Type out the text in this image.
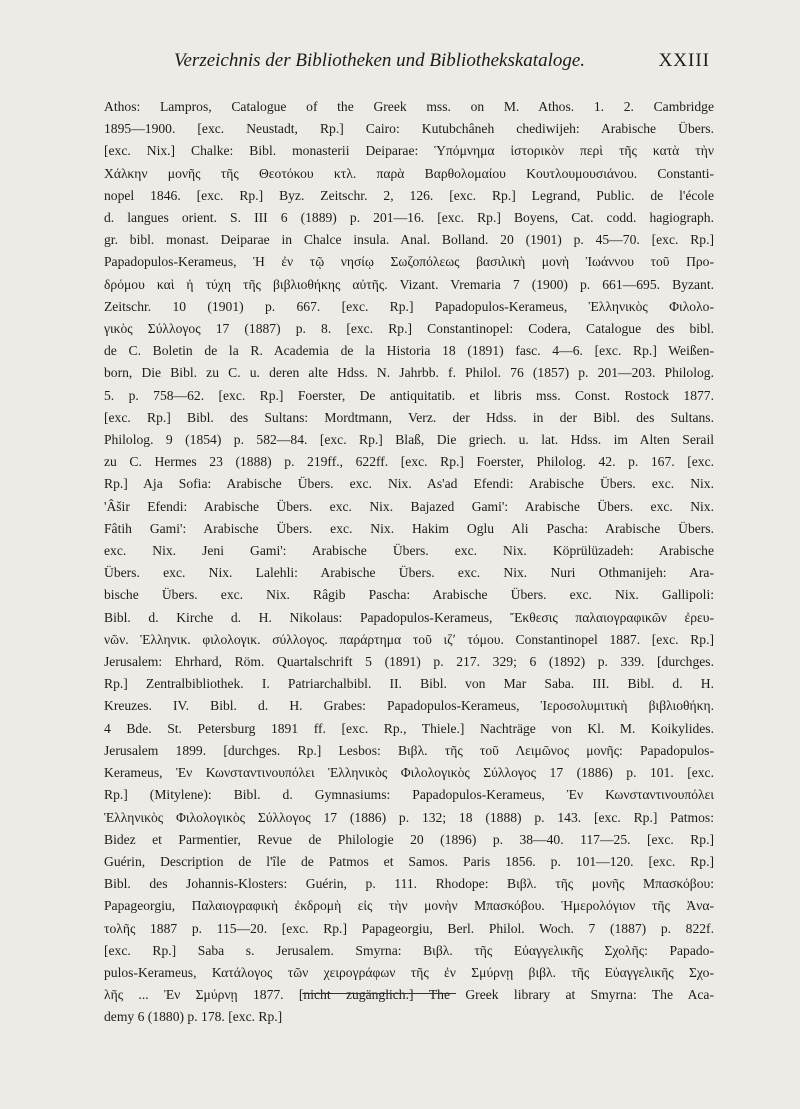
Verzeichnis der Bibliotheken und Bibliothekskataloge.	XXIII
Athos: Lampros, Catalogue of the Greek mss. on M. Athos. 1. 2. Cambridge
1895—1900. [exc. Neustadt, Rp.] Cairo: Kutubchâneh chediwijeh: Arabische Übers.
[exc. Nix.] Chalke: Bibl. monasterii Deiparae: Ὑπόμνημα ἱστορικὸν περὶ τῆς κατὰ τὴν
Χάλκην μονῆς τῆς Θεοτόκου κτλ. παρὰ Βαρθολομαίου Κουτλουμουσιάνου. Constanti-
nopel 1846. [exc. Rp.] Byz. Zeitschr. 2, 126. [exc. Rp.] Legrand, Public. de l'école
d. langues orient. S. III 6 (1889) p. 201—16. [exc. Rp.] Boyens, Cat. codd. hagiograph.
gr. bibl. monast. Deiparae in Chalce insula. Anal. Bolland. 20 (1901) p. 45—70. [exc. Rp.]
Papadopulos-Kerameus, Ἡ ἐν τῷ νησίῳ Σωζοπόλεως βασιλικὴ μονὴ Ἰωάννου τοῦ Προ-
δρόμου καὶ ἡ τύχη τῆς βιβλιοθήκης αὐτῆς. Vizant. Vremaria 7 (1900) p. 661—695. Byzant.
Zeitschr. 10 (1901) p. 667. [exc. Rp.] Papadopulos-Kerameus, Ἑλληνικὸς Φιλολο-
γικὸς Σύλλογος 17 (1887) p. 8. [exc. Rp.] Constantinopel: Codera, Catalogue des bibl.
de C. Boletin de la R. Academia de la Historia 18 (1891) fasc. 4—6. [exc. Rp.] Weißen-
born, Die Bibl. zu C. u. deren alte Hdss. N. Jahrbb. f. Philol. 76 (1857) p. 201—203. Philolog.
5. p. 758—62. [exc. Rp.] Foerster, De antiquitatib. et libris mss. Const. Rostock 1877.
[exc. Rp.] Bibl. des Sultans: Mordtmann, Verz. der Hdss. in der Bibl. des Sultans.
Philolog. 9 (1854) p. 582—84. [exc. Rp.] Blaß, Die griech. u. lat. Hdss. im Alten Serail
zu C. Hermes 23 (1888) p. 219ff., 622ff. [exc. Rp.] Foerster, Philolog. 42. p. 167. [exc.
Rp.] Aja Sofia: Arabische Übers. exc. Nix. As'ad Efendi: Arabische Übers. exc. Nix.
'Âšir Efendi: Arabische Übers. exc. Nix. Bajazed Gami': Arabische Übers. exc. Nix.
Fâtih Gami': Arabische Übers. exc. Nix. Hakim Oglu Ali Pascha: Arabische Übers.
exc. Nix. Jeni Gami': Arabische Übers. exc. Nix. Köprülüzadeh: Arabische
Übers. exc. Nix. Lalehli: Arabische Übers. exc. Nix. Nuri Othmanijeh: Ara-
bische Übers. exc. Nix. Râgib Pascha: Arabische Übers. exc. Nix. Gallipoli:
Bibl. d. Kirche d. H. Nikolaus: Papadopulos-Kerameus, Ἔκθεσις παλαιογραφικῶν ἐρευ-
νῶν. Ἑλληνικ. φιλολογικ. σύλλογος. παράρτημα τοῦ ιζʹ τόμου. Constantinopel 1887. [exc. Rp.]
Jerusalem: Ehrhard, Röm. Quartalschrift 5 (1891) p. 217. 329; 6 (1892) p. 339. [durchges.
Rp.] Zentralbibliothek. I. Patriarchalbibl. II. Bibl. von Mar Saba. III. Bibl. d. H.
Kreuzes. IV. Bibl. d. H. Grabes: Papadopulos-Kerameus, Ἱεροσολυμιτικὴ βιβλιοθήκη.
4 Bde. St. Petersburg 1891 ff. [exc. Rp., Thiele.] Nachträge von Kl. M. Koikylides.
Jerusalem 1899. [durchges. Rp.] Lesbos: Βιβλ. τῆς τοῦ Λειμῶνος μονῆς: Papadopulos-
Kerameus, Ἐν Κωνσταντινουπόλει Ἑλληνικὸς Φιλολογικὸς Σύλλογος 17 (1886) p. 101. [exc.
Rp.] (Mitylene): Bibl. d. Gymnasiums: Papadopulos-Kerameus, Ἐν Κωνσταντινουπόλει
Ἑλληνικὸς Φιλολογικὸς Σύλλογος 17 (1886) p. 132; 18 (1888) p. 143. [exc. Rp.] Patmos:
Bidez et Parmentier, Revue de Philologie 20 (1896) p. 38—40. 117—25. [exc. Rp.]
Guérin, Description de l'île de Patmos et Samos. Paris 1856. p. 101—120. [exc. Rp.]
Bibl. des Johannis-Klosters: Guérin, p. 111. Rhodope: Βιβλ. τῆς μονῆς Μπασκόβου:
Papageorgiu, Παλαιογραφικὴ ἐκδρομὴ εἰς τὴν μονὴν Μπασκόβου. Ἡμερολόγιον τῆς Ἀνα-
τολῆς 1887 p. 115—20. [exc. Rp.] Papageorgiu, Berl. Philol. Woch. 7 (1887) p. 822f.
[exc. Rp.] Saba s. Jerusalem. Smyrna: Βιβλ. τῆς Εὐαγγελικῆς Σχολῆς: Papado-
pulos-Kerameus, Κατάλογος τῶν χειρογράφων τῆς ἐν Σμύρνῃ βιβλ. τῆς Εὐαγγελικῆς Σχο-
λῆς ... Ἐν Σμύρνῃ 1877. [nicht zugänglich.] The Greek library at Smyrna: The Aca-
demy 6 (1880) p. 178. [exc. Rp.]
